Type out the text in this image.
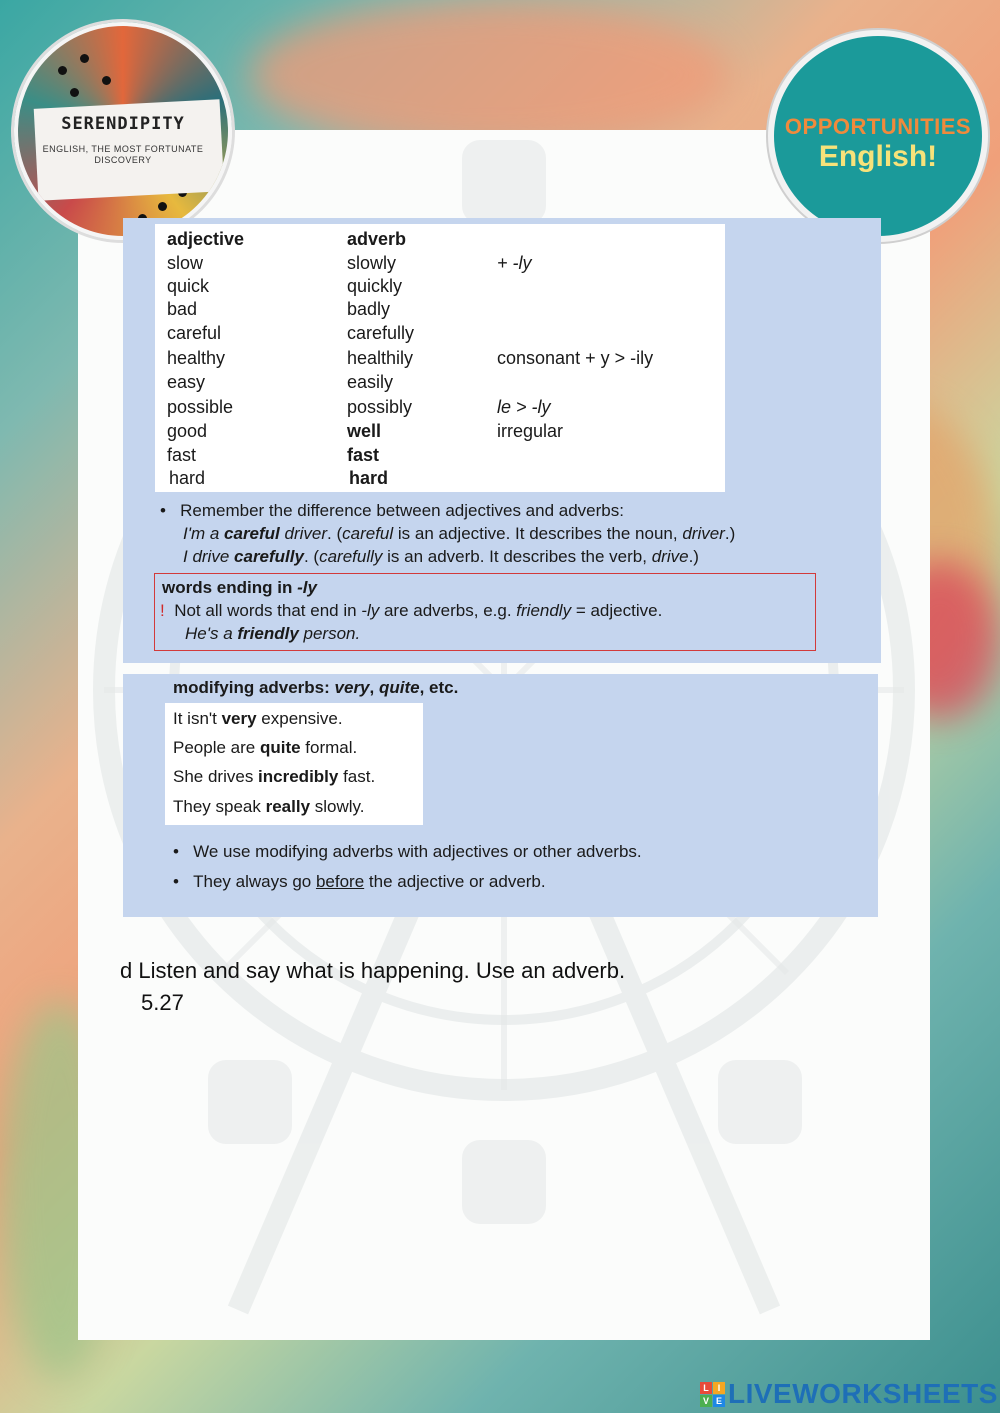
SERENDIPITY
ENGLISH, THE MOST FORTUNATE DISCOVERY
OPPORTUNITIES
English!
adjective	adverb
slow	slowly	+ -ly
quick	quickly
bad	badly
careful	carefully
healthy	healthily	consonant + y > -ily
easy	easily
possible	possibly	le > -ly
good	well	irregular
fast	fast
hard	hard
•   Remember the difference between adjectives and adverbs:
I'm a careful driver. (careful is an adjective. It describes the noun, driver.)
I drive carefully. (carefully is an adverb. It describes the verb, drive.)
words ending in -ly
!  Not all words that end in -ly are adverbs, e.g. friendly = adjective.
He's a friendly person.
modifying adverbs: very, quite, etc.
It isn't very expensive.
People are quite formal.
She drives incredibly fast.
They speak really slowly.
•   We use modifying adverbs with adjectives or other adverbs.
•   They always go before the adjective or adverb.
d Listen and say what is happening. Use an adverb.
5.27
L I
V E LIVEWORKSHEETS
